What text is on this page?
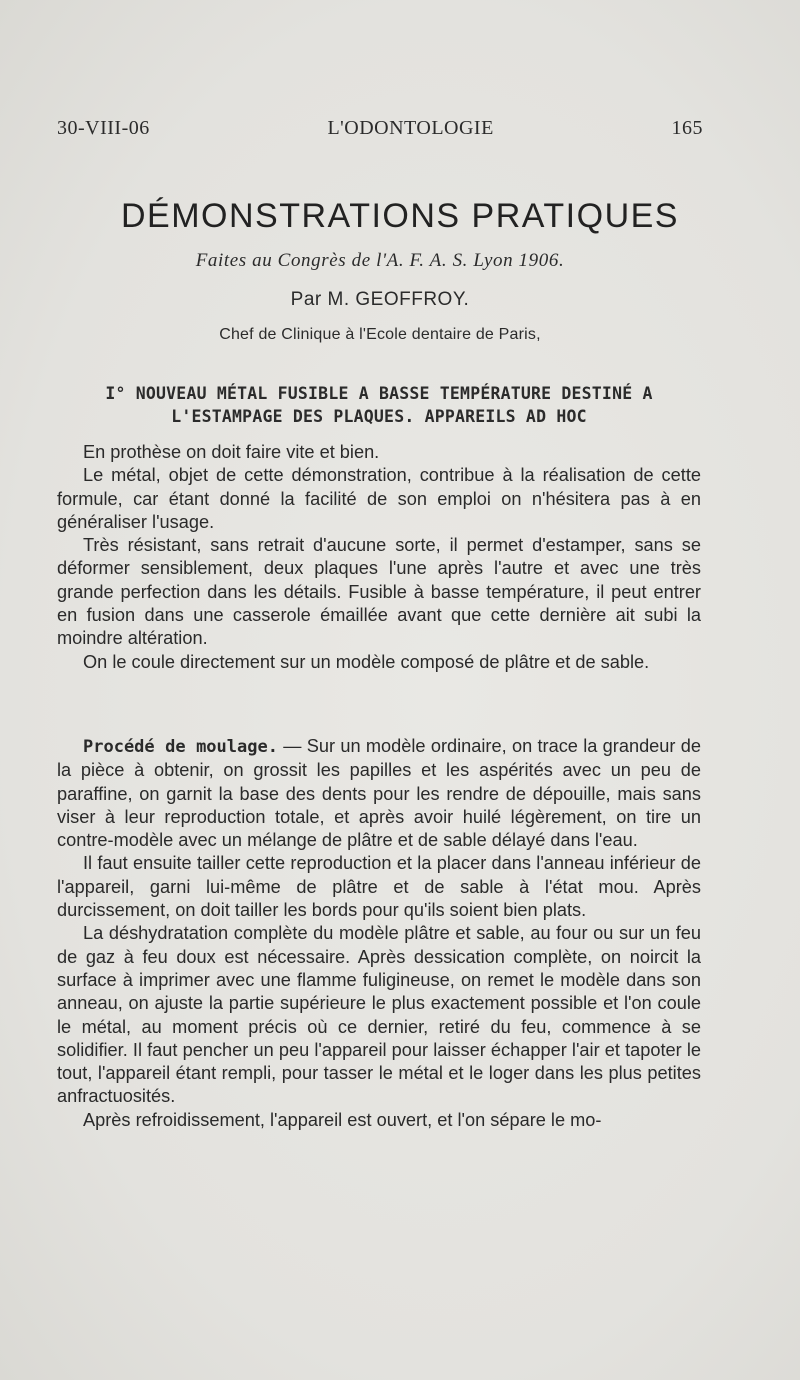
30-VIII-06	L'ODONTOLOGIE	165
DÉMONSTRATIONS PRATIQUES
Faites au Congrès de l'A. F. A. S. Lyon 1906.
Par M. GEOFFROY.
Chef de Clinique à l'Ecole dentaire de Paris,
I° NOUVEAU MÉTAL FUSIBLE A BASSE TEMPÉRATURE DESTINÉ A
L'ESTAMPAGE DES PLAQUES. APPAREILS AD HOC

En prothèse on doit faire vite et bien.

Le métal, objet de cette démonstration, contribue à la réalisation de cette formule, car étant donné la facilité de son emploi on n'hésitera pas à en généraliser l'usage.

Très résistant, sans retrait d'aucune sorte, il permet d'estamper, sans se déformer sensiblement, deux plaques l'une après l'autre et avec une très grande perfection dans les détails. Fusible à basse température, il peut entrer en fusion dans une casserole émaillée avant que cette dernière ait subi la moindre altération.

On le coule directement sur un modèle composé de plâtre et de sable.

Procédé de moulage. — Sur un modèle ordinaire, on trace la grandeur de la pièce à obtenir, on grossit les papilles et les aspérités avec un peu de paraffine, on garnit la base des dents pour les rendre de dépouille, mais sans viser à leur reproduction totale, et après avoir huilé légèrement, on tire un contre-modèle avec un mélange de plâtre et de sable délayé dans l'eau.

Il faut ensuite tailler cette reproduction et la placer dans l'anneau inférieur de l'appareil, garni lui-même de plâtre et de sable à l'état mou. Après durcissement, on doit tailler les bords pour qu'ils soient bien plats.

La déshydratation complète du modèle plâtre et sable, au four ou sur un feu de gaz à feu doux est nécessaire. Après dessication complète, on noircit la surface à imprimer avec une flamme fuligineuse, on remet le modèle dans son anneau, on ajuste la partie supérieure le plus exactement possible et l'on coule le métal, au moment précis où ce dernier, retiré du feu, commence à se solidifier. Il faut pencher un peu l'appareil pour laisser échapper l'air et tapoter le tout, l'appareil étant rempli, pour tasser le métal et le loger dans les plus petites anfractuosités.

Après refroidissement, l'appareil est ouvert, et l'on sépare le mo-
